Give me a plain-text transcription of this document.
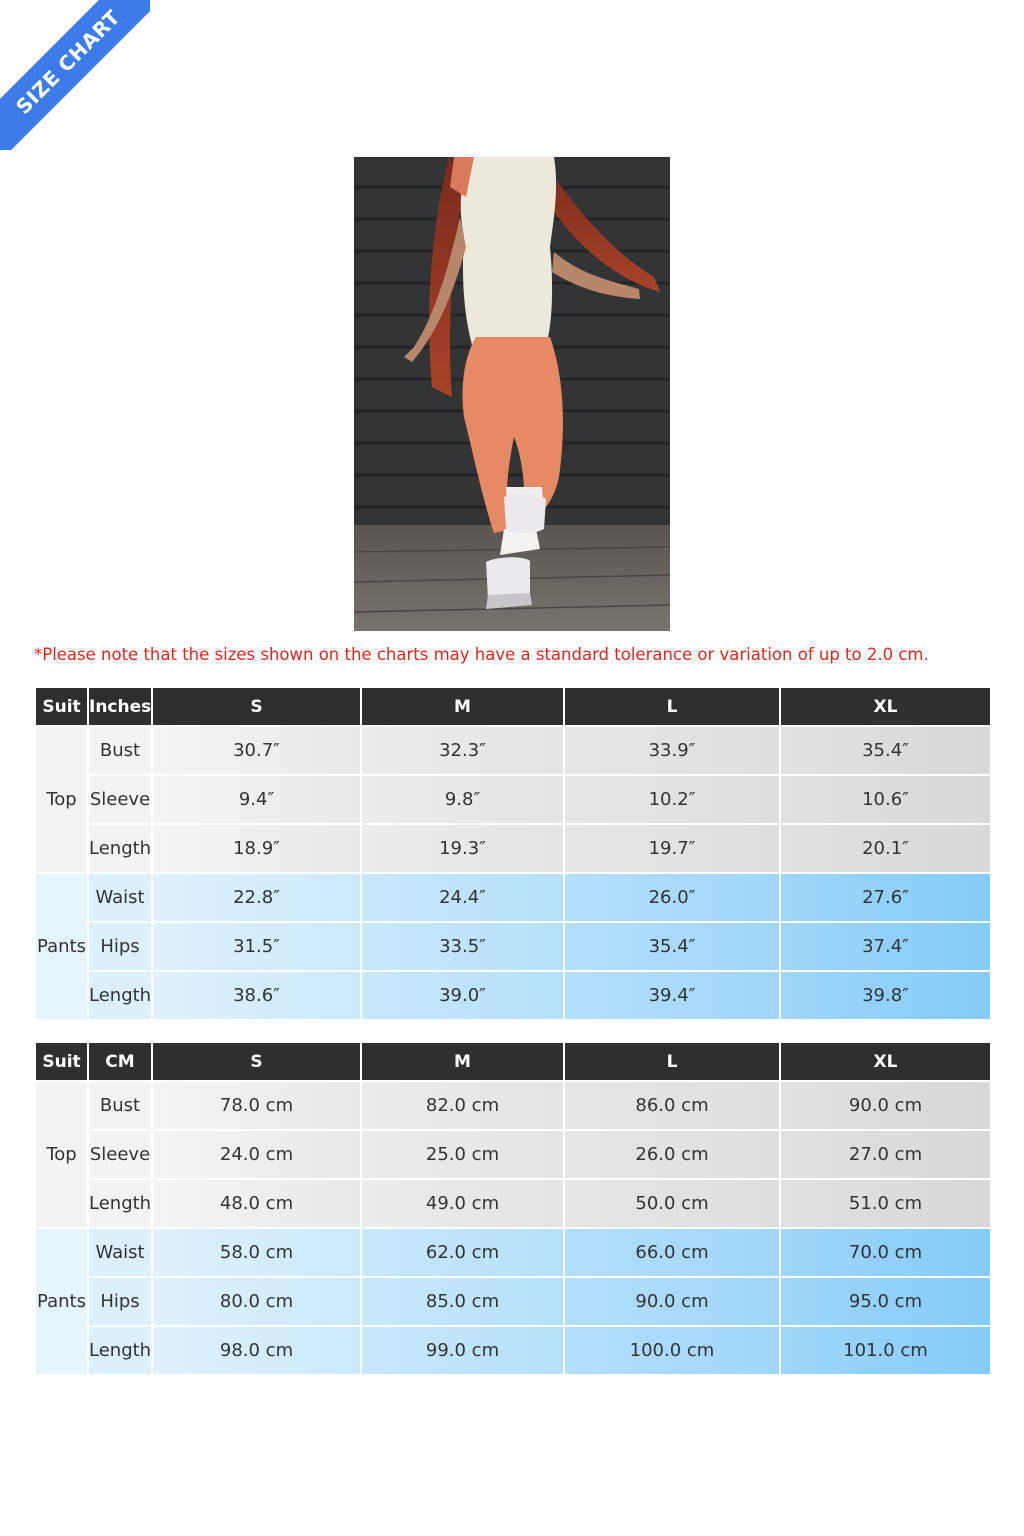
SIZE CHART
*Please note that the sizes shown on the charts may have a standard tolerance or variation of up to 2.0 cm.
Suit	Inches	S	M	L	XL
Top	Bust	30.7″	32.3″	33.9″	35.4″
	Sleeve	9.4″	9.8″	10.2″	10.6″
	Length	18.9″	19.3″	19.7″	20.1″
Pants	Waist	22.8″	24.4″	26.0″	27.6″
	Hips	31.5″	33.5″	35.4″	37.4″
	Length	38.6″	39.0″	39.4″	39.8″
Suit	CM	S	M	L	XL
Top	Bust	78.0 cm	82.0 cm	86.0 cm	90.0 cm
	Sleeve	24.0 cm	25.0 cm	26.0 cm	27.0 cm
	Length	48.0 cm	49.0 cm	50.0 cm	51.0 cm
Pants	Waist	58.0 cm	62.0 cm	66.0 cm	70.0 cm
	Hips	80.0 cm	85.0 cm	90.0 cm	95.0 cm
	Length	98.0 cm	99.0 cm	100.0 cm	101.0 cm
